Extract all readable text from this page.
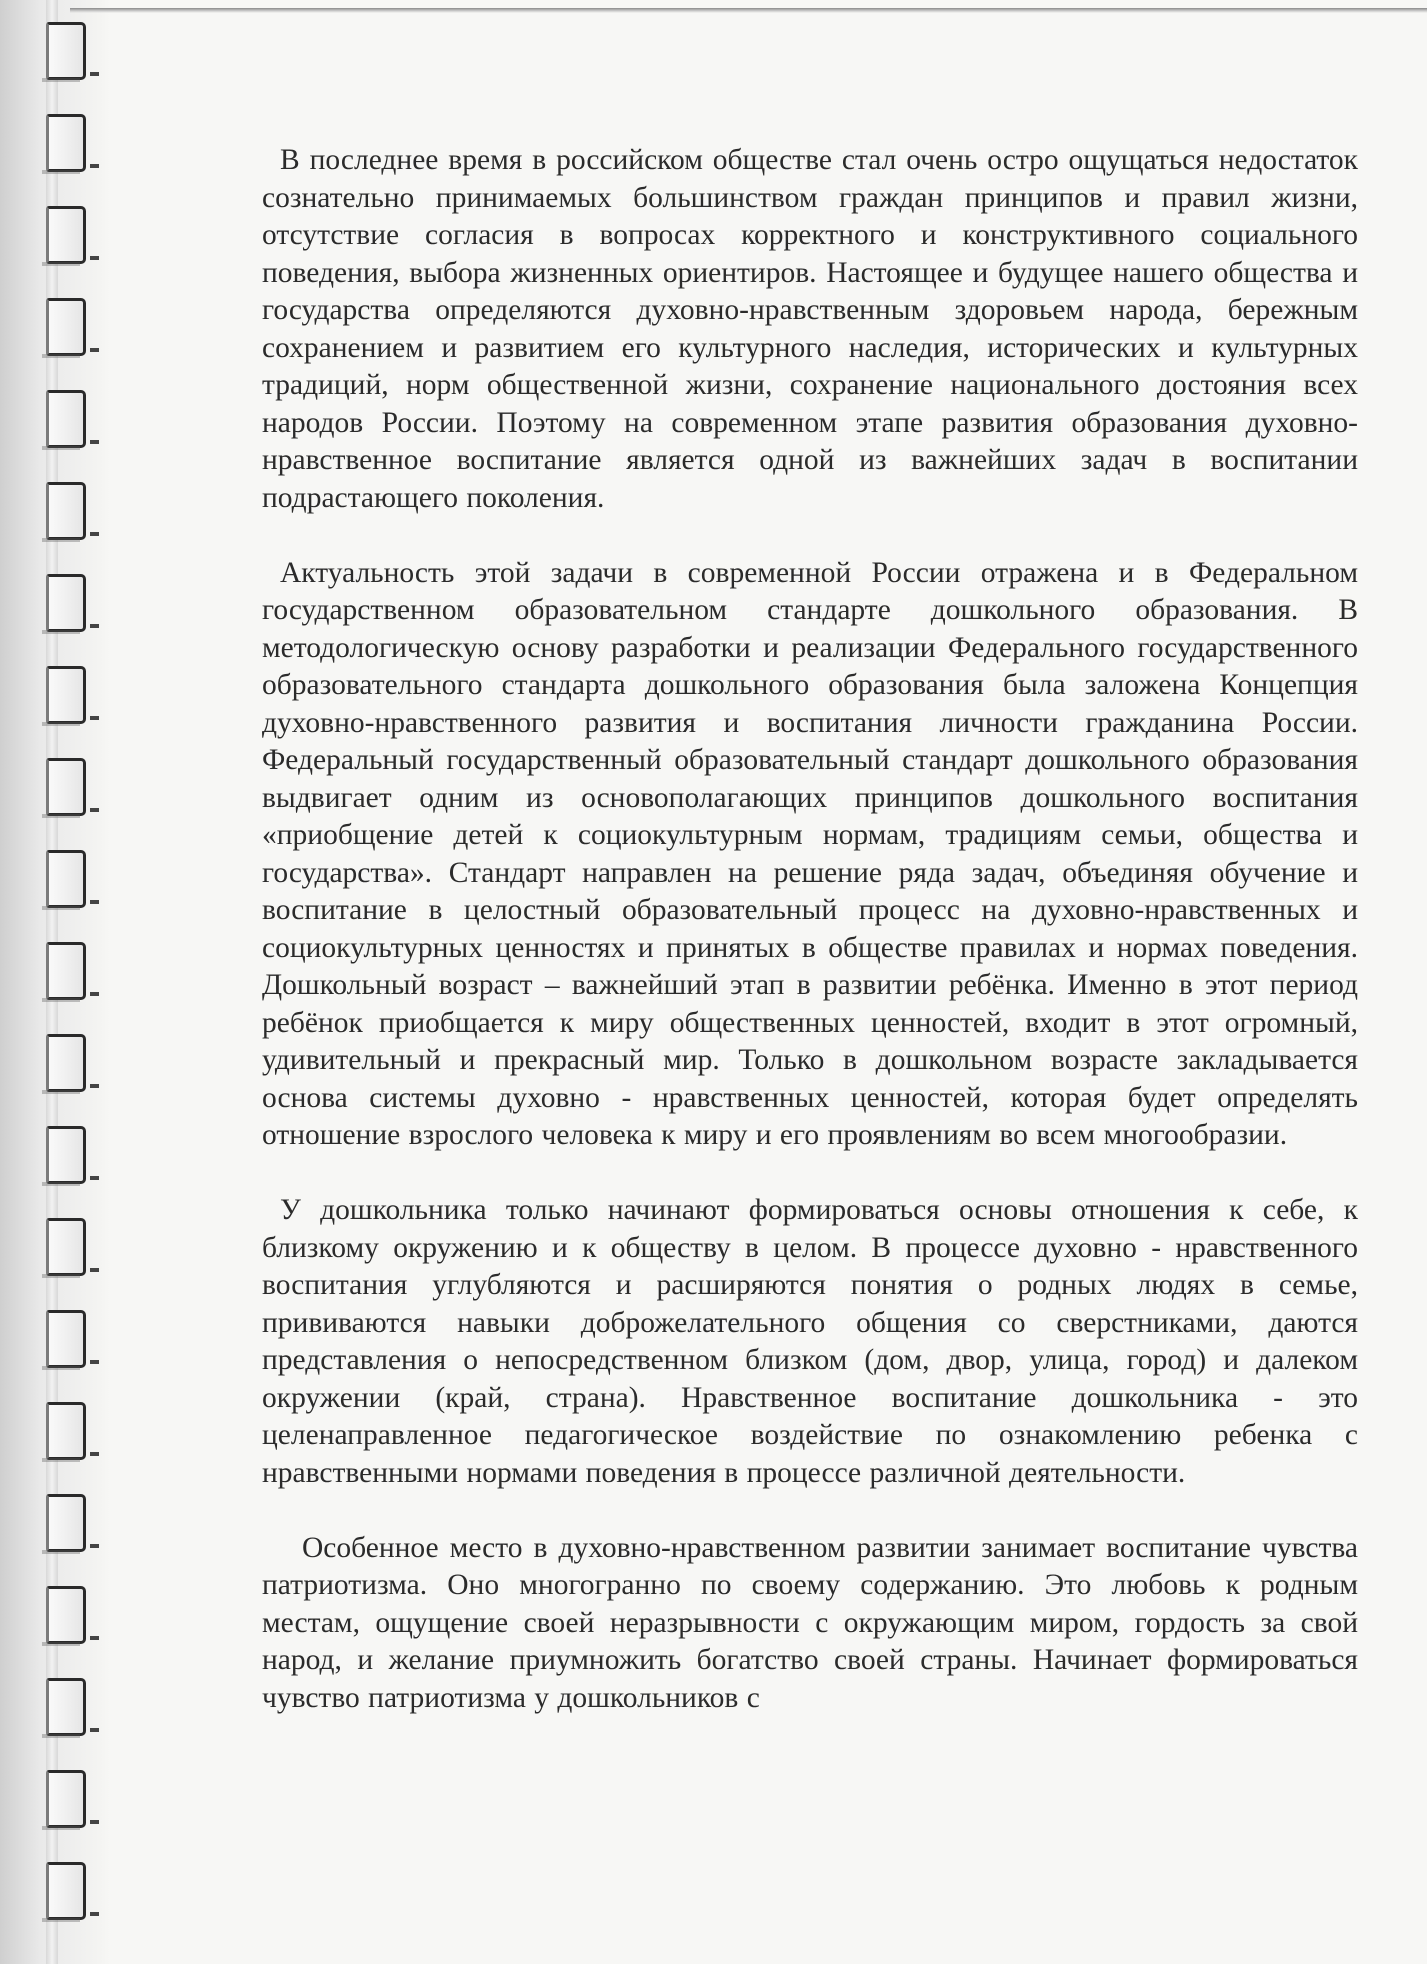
В последнее время в российском обществе стал очень остро ощущаться недостаток сознательно принимаемых большинством граждан принципов и правил жизни, отсутствие согласия в вопросах корректного и конструктивного социального поведения, выбора жизненных ориентиров. Настоящее и будущее нашего общества и государства определяются духовно-нравственным здоровьем народа, бережным сохранением и развитием его культурного наследия, исторических и культурных традиций, норм общественной жизни, сохранение национального достояния всех народов России. Поэтому на современном этапе развития образования духовно-нравственное воспитание является одной из важнейших задач в воспитании подрастающего поколения.

Актуальность этой задачи в современной России отражена и в Федеральном государственном образовательном стандарте дошкольного образования. В методологическую основу разработки и реализации Федерального государственного образовательного стандарта дошкольного образования была заложена Концепция духовно-нравственного развития и воспитания личности гражданина России. Федеральный государственный образовательный стандарт дошкольного образования выдвигает одним из основополагающих принципов дошкольного воспитания «приобщение детей к социокультурным нормам, традициям семьи, общества и государства». Стандарт направлен на решение ряда задач, объединяя обучение и воспитание в целостный образовательный процесс на духовно-нравственных и социокультурных ценностях и принятых в обществе правилах и нормах поведения. Дошкольный возраст – важнейший этап в развитии ребёнка. Именно в этот период ребёнок приобщается к миру общественных ценностей, входит в этот огромный, удивительный и прекрасный мир. Только в дошкольном возрасте закладывается основа системы духовно - нравственных ценностей, которая будет определять отношение взрослого человека к миру и его проявлениям во всем многообразии.

У дошкольника только начинают формироваться основы отношения к себе, к близкому окружению и к обществу в целом. В процессе духовно - нравственного воспитания углубляются и расширяются понятия о родных людях в семье, прививаются навыки доброжелательного общения со сверстниками, даются представления о непосредственном близком (дом, двор, улица, город) и далеком окружении (край, страна). Нравственное воспитание дошкольника - это целенаправленное педагогическое воздействие по ознакомлению ребенка с нравственными нормами поведения в процессе различной деятельности.

Особенное место в духовно-нравственном развитии занимает воспитание чувства патриотизма. Оно многогранно по своему содержанию. Это любовь к родным местам, ощущение своей неразрывности с окружающим миром, гордость за свой народ, и желание приумножить богатство своей страны. Начинает формироваться чувство патриотизма у дошкольников с
